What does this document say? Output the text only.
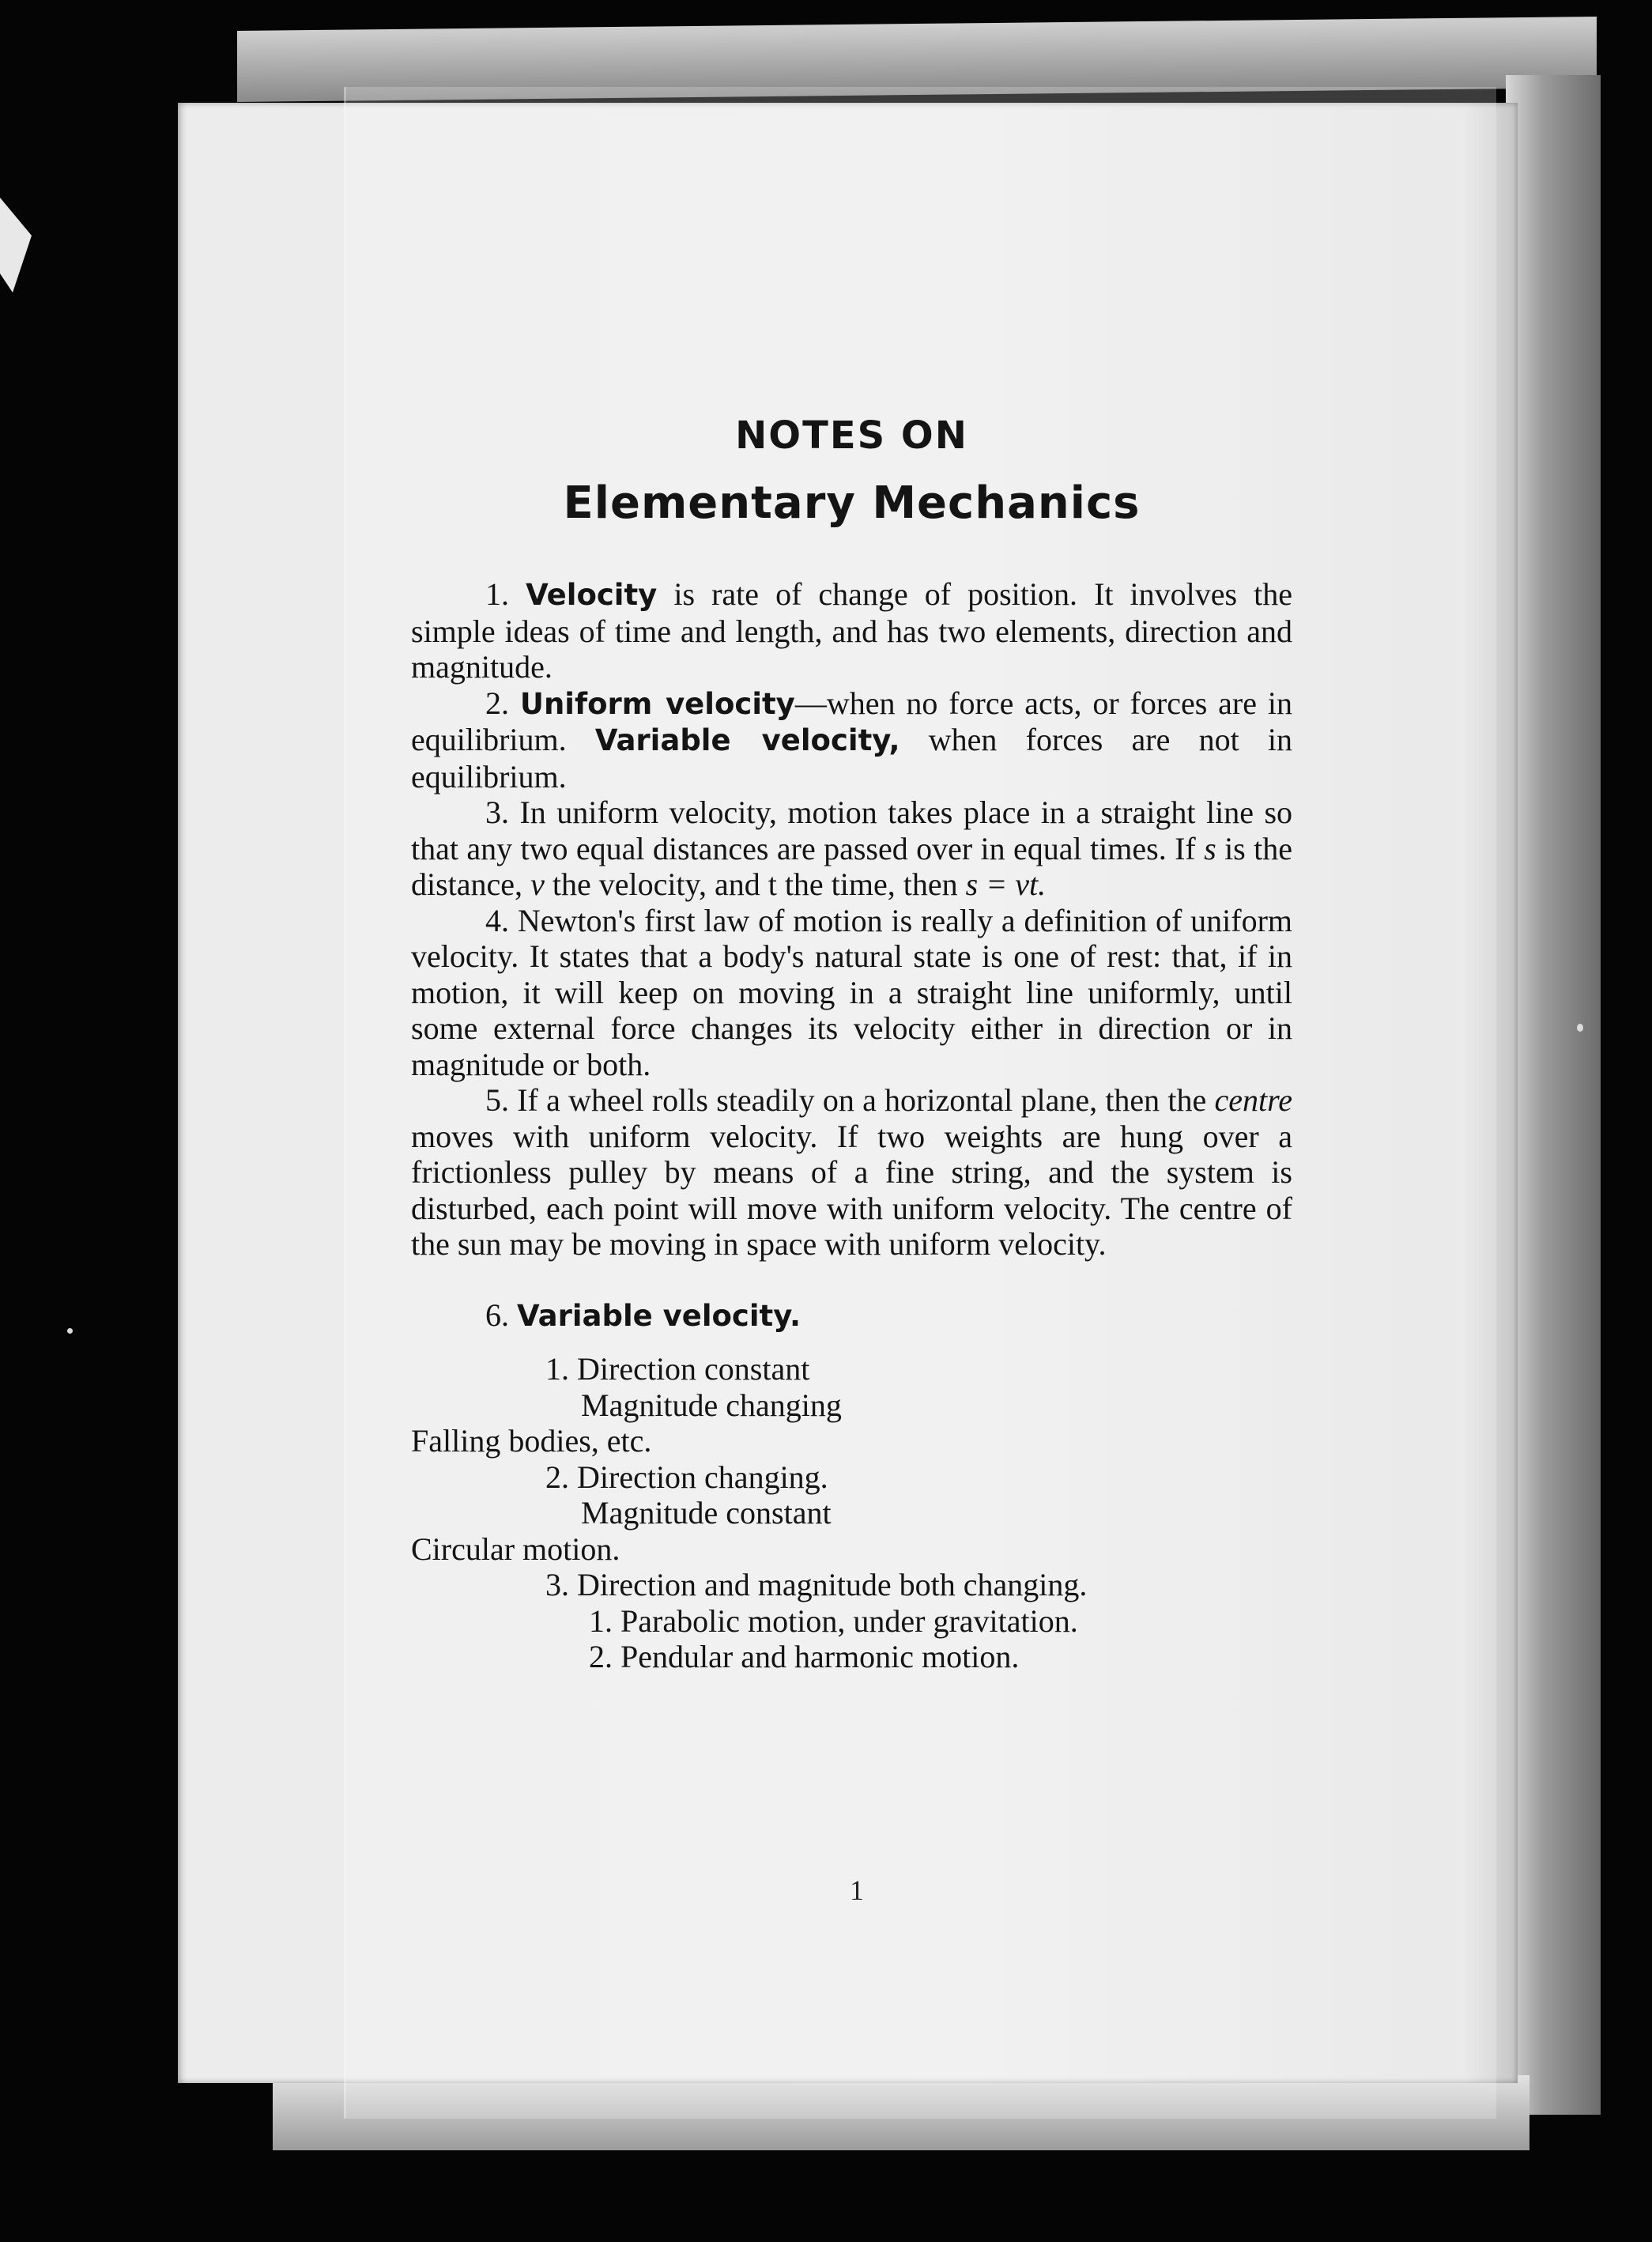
NOTES ON
Elementary Mechanics

1. Velocity is rate of change of position. It involves the simple ideas of time and length, and has two elements, direction and magnitude.

2. Uniform velocity—when no force acts, or forces are in equilibrium. Variable velocity, when forces are not in equilibrium.

3. In uniform velocity, motion takes place in a straight line so that any two equal distances are passed over in equal times. If s is the distance, v the velocity, and t the time, then s = vt.

4. Newton's first law of motion is really a definition of uniform velocity. It states that a body's natural state is one of rest: that, if in motion, it will keep on moving in a straight line uniformly, until some external force changes its velocity either in direction or in magnitude or both.

5. If a wheel rolls steadily on a horizontal plane, then the centre moves with uniform velocity. If two weights are hung over a frictionless pulley by means of a fine string, and the system is disturbed, each point will move with uniform velocity. The centre of the sun may be moving in space with uniform velocity.

6. Variable velocity.
1. Direction constant
Magnitude changing
Falling bodies, etc.
2. Direction changing.
Magnitude constant
Circular motion.
3. Direction and magnitude both changing.
1. Parabolic motion, under gravitation.
2. Pendular and harmonic motion.
1
